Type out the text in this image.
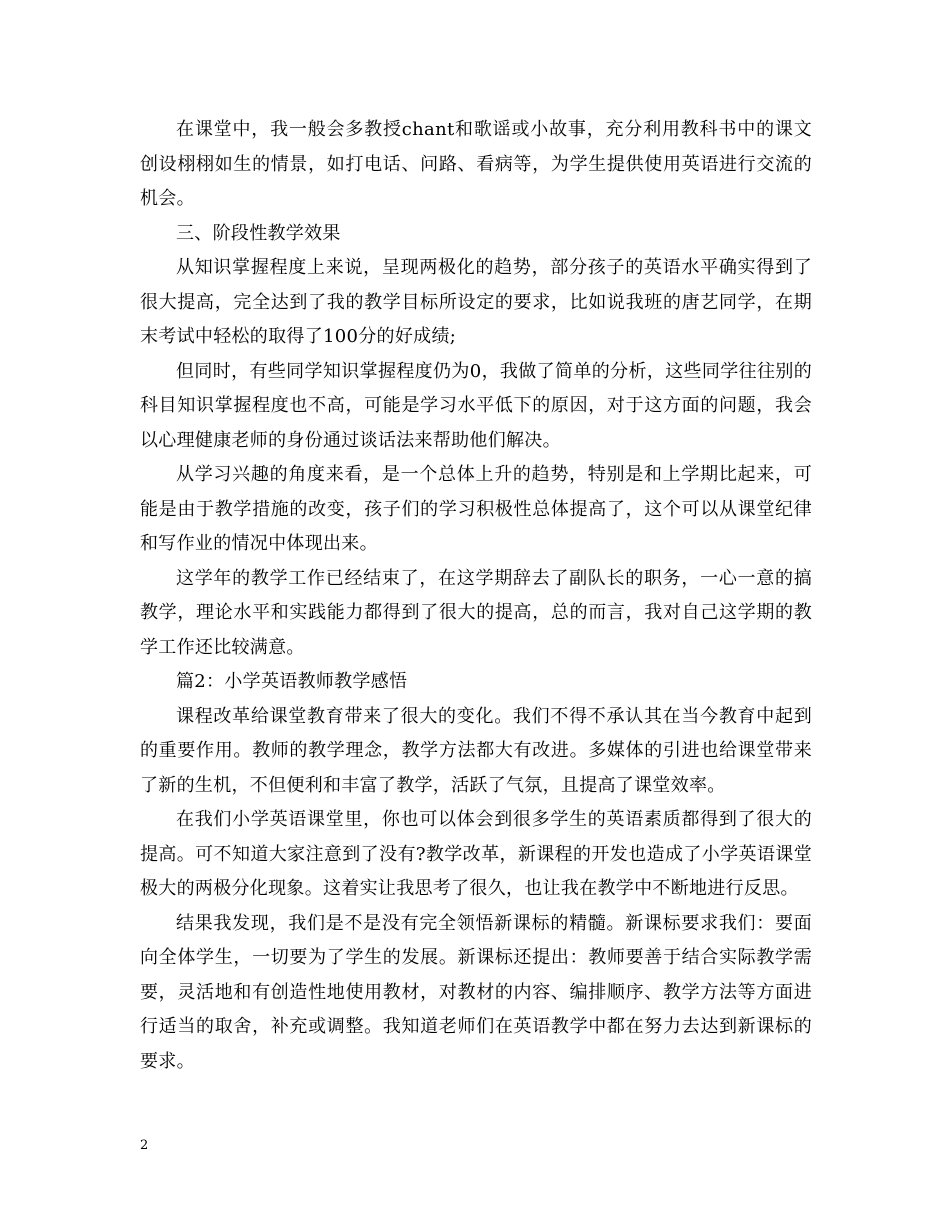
在课堂中，我一般会多教授chant和歌谣或小故事，充分利用教科书中的课文创设栩栩如生的情景，如打电话、问路、看病等，为学生提供使用英语进行交流的机会。

三、阶段性教学效果

从知识掌握程度上来说，呈现两极化的趋势，部分孩子的英语水平确实得到了很大提高，完全达到了我的教学目标所设定的要求，比如说我班的唐艺同学，在期末考试中轻松的取得了100分的好成绩;

但同时，有些同学知识掌握程度仍为0，我做了简单的分析，这些同学往往别的科目知识掌握程度也不高，可能是学习水平低下的原因，对于这方面的问题，我会以心理健康老师的身份通过谈话法来帮助他们解决。

从学习兴趣的角度来看，是一个总体上升的趋势，特别是和上学期比起来，可能是由于教学措施的改变，孩子们的学习积极性总体提高了，这个可以从课堂纪律和写作业的情况中体现出来。

这学年的教学工作已经结束了，在这学期辞去了副队长的职务，一心一意的搞教学，理论水平和实践能力都得到了很大的提高，总的而言，我对自己这学期的教学工作还比较满意。

篇2：小学英语教师教学感悟

课程改革给课堂教育带来了很大的变化。我们不得不承认其在当今教育中起到的重要作用。教师的教学理念，教学方法都大有改进。多媒体的引进也给课堂带来了新的生机，不但便利和丰富了教学，活跃了气氛，且提高了课堂效率。

在我们小学英语课堂里，你也可以体会到很多学生的英语素质都得到了很大的提高。可不知道大家注意到了没有?教学改革，新课程的开发也造成了小学英语课堂极大的两极分化现象。这着实让我思考了很久，也让我在教学中不断地进行反思。

结果我发现，我们是不是没有完全领悟新课标的精髓。新课标要求我们：要面向全体学生，一切要为了学生的发展。新课标还提出：教师要善于结合实际教学需要，灵活地和有创造性地使用教材，对教材的内容、编排顺序、教学方法等方面进行适当的取舍，补充或调整。我知道老师们在英语教学中都在努力去达到新课标的要求。

2
